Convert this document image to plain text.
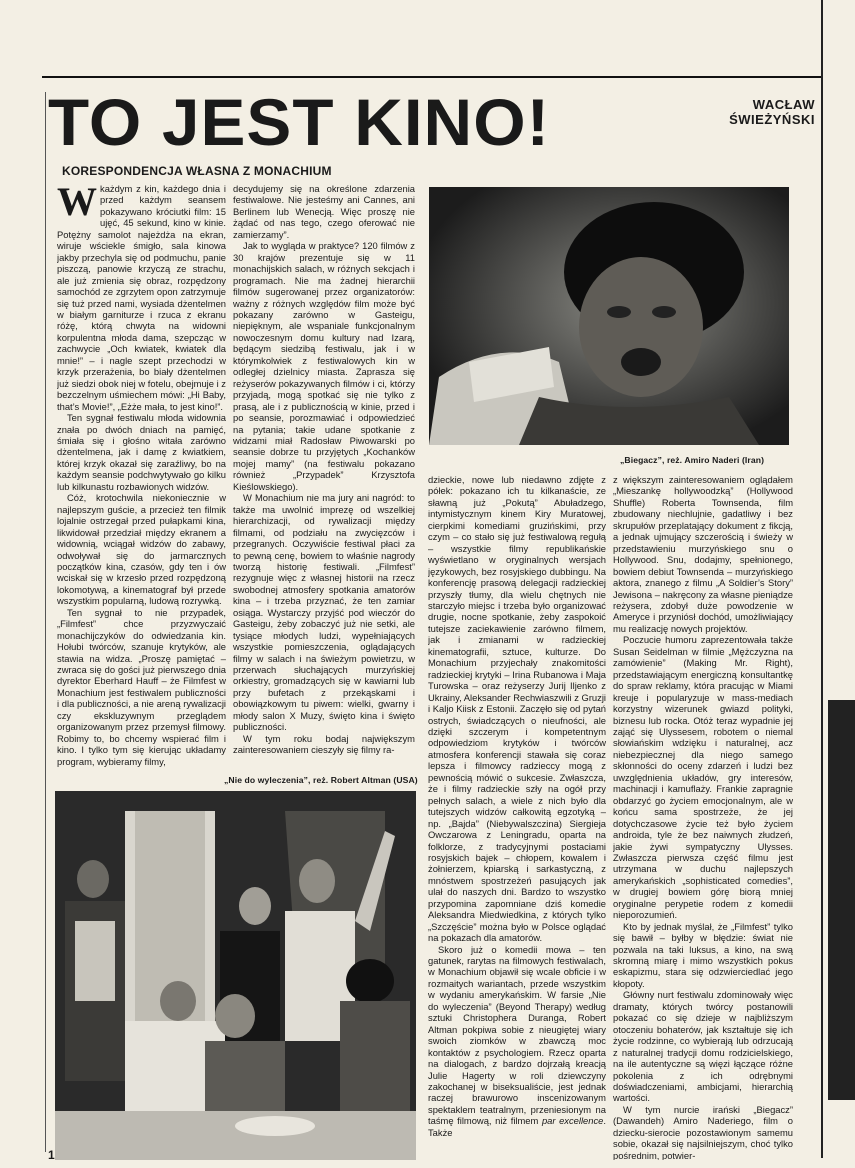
WACŁAW
ŚWIEŻYŃSKI
TO JEST KINO!
KORESPONDENCJA WŁASNA Z MONACHIUM

Wkażdym z kin, każdego dnia i przed każdym seansem pokazywano króciutki film: 15 ujęć, 45 sekund, kino w kinie. Potężny samolot najeżdża na ekran, wiruje wściekle śmigło, sala kinowa jakby przechyla się od podmuchu, panie piszczą, panowie krzyczą ze strachu, ale już zmienia się obraz, rozpędzony samochód ze zgrzytem opon zatrzymuje się tuż przed nami, wysiada dżentelmen w białym garniturze i rzuca z ekranu różę, którą chwyta na widowni korpulentna młoda dama, szepcząc w zachwycie „Och kwiatek, kwiatek dla mnie!” – i nagle szept przechodzi w krzyk przerażenia, bo biały dżentelmen już siedzi obok niej w fotelu, obejmuje i z bezczelnym uśmiechem mówi: „Hi Baby, that’s Movie!”, „Eżże mała, to jest kino!”.

Ten sygnał festiwalu młoda widownia znała po dwóch dniach na pamięć, śmiała się i głośno witała zarówno dżentelmena, jak i damę z kwiatkiem, której krzyk okazał się zaraźliwy, bo na każdym seansie podchwytywało go kilku lub kilkunastu rozbawionych widzów.

Cóż, krotochwila niekoniecznie w najlepszym guście, a przecież ten filmik lojalnie ostrzegał przed pułapkami kina, likwidował przedział między ekranem a widownią, wciągał widzów do zabawy, odwoływał się do jarmarcznych początków kina, czasów, gdy ten i ów wciskał się w krzesło przed rozpędzoną lokomotywą, a kinematograf był przede wszystkim popularną, ludową rozrywką.

Ten sygnał to nie przypadek, „Filmfest” chce przyzwyczaić monachijczyków do odwiedzania kin. Hołubi twórców, szanuje krytyków, ale stawia na widza. „Proszę pamiętać – zwraca się do gości już pierwszego dnia dyrektor Eberhard Hauff – że Filmfest w Monachium jest festiwalem publiczności i dla publiczności, a nie areną rywalizacji czy ekskluzywnym przeglądem organizowanym przez przemysł filmowy. Robimy to, bo chcemy wspierać film i kino. I tylko tym się kierując układamy program, wybieramy filmy,

decydujemy się na określone zdarzenia festiwalowe. Nie jesteśmy ani Cannes, ani Berlinem lub Wenecją. Więc proszę nie żądać od nas tego, czego oferować nie zamierzamy”.

Jak to wygląda w praktyce? 120 filmów z 30 krajów prezentuje się w 11 monachijskich salach, w różnych sekcjach i programach. Nie ma żadnej hierarchii filmów sugerowanej przez organizatorów: ważny z różnych względów film może być pokazany zarówno w Gasteigu, niepięknym, ale wspaniale funkcjonalnym nowoczesnym domu kultury nad Izarą, będącym siedzibą festiwalu, jak i w którymkolwiek z festiwalowych kin w odległej dzielnicy miasta. Zaprasza się reżyserów pokazywanych filmów i ci, którzy przyjadą, mogą spotkać się nie tylko z prasą, ale i z publicznością w kinie, przed i po seansie, porozmawiać i odpowiedzieć na pytania; takie udane spotkanie z widzami miał Radosław Piwowarski po seansie dobrze tu przyjętych „Kochanków mojej mamy” (na festiwalu pokazano również „Przypadek” Krzysztofa Kieślowskiego).

W Monachium nie ma jury ani nagród: to także ma uwolnić imprezę od wszelkiej hierarchizacji, od rywalizacji między filmami, od podziału na zwycięzców i przegranych. Oczywiście festiwal płaci za to pewną cenę, bowiem to właśnie nagrody tworzą historię festiwali. „Filmfest” rezygnuje więc z własnej historii na rzecz swobodnej atmosfery spotkania amatorów kina – i trzeba przyznać, że ten zamiar osiąga. Wystarczy przyjść pod wieczór do Gasteigu, żeby zobaczyć już nie setki, ale tysiące młodych ludzi, wypełniających wszystkie pomieszczenia, oglądających filmy w salach i na świeżym powietrzu, w przerwach słuchających murzyńskiej orkiestry, gromadzących się w kawiarni lub przy bufetach z przekąskami i obowiązkowym tu piwem: wielki, gwarny i młody salon X Muzy, święto kina i święto publiczności.

W tym roku bodaj największym zainteresowaniem cieszyły się filmy ra-

„Biegacz”, reż. Amiro Naderi (Iran)

dzieckie, nowe lub niedawno zdjęte z półek: pokazano ich tu kilkanaście, ze sławną już „Pokutą” Abuładzego, intymistycznym kinem Kiry Muratowej, cierpkimi komediami gruzińskimi, przy czym – co stało się już festiwalową regułą – wszystkie filmy republikańskie wyświetlano w oryginalnych wersjach językowych, bez rosyjskiego dubbingu. Na konferencję prasową delegacji radzieckiej przyszły tłumy, dla wielu chętnych nie starczyło miejsc i trzeba było organizować drugie, nocne spotkanie, żeby zaspokoić tutejsze zaciekawienie zarówno filmem, jak i zmianami w radzieckiej kinematografii, sztuce, kulturze. Do Monachium przyjechały znakomitości radzieckiej krytyki – Irina Rubanowa i Maja Turowska – oraz reżyserzy Jurij Iljenko z Ukrainy, Aleksander Rechwiaszwili z Gruzji i Kaljo Kiisk z Estonii. Zaczęło się od pytań ostrych, świadczących o nieufności, ale dzięki szczerym i kompetentnym odpowiedziom krytyków i twórców atmosfera konferencji stawała się coraz lepsza i filmowcy radzieccy mogą z pewnością mówić o sukcesie. Zwłaszcza, że i filmy radzieckie szły na ogół przy pełnych salach, a wiele z nich było dla tutejszych widzów całkowitą egzotyką – np. „Bajda” (Niebywalszczina) Siergieja Owczarowa z Leningradu, oparta na folklorze, z tradycyjnymi postaciami rosyjskich bajek – chłopem, kowalem i żołnierzem, kpiarską i sarkastyczną, z mnóstwem spostrzeżeń pasujących jak ulał do naszych dni. Bardzo to wszystko przypomina zapomniane dziś komedie Aleksandra Miedwiedkina, z których tylko „Szczęście” można było w Polsce oglądać na pokazach dla amatorów.

Skoro już o komedii mowa – ten gatunek, rarytas na filmowych festiwalach, w Monachium objawił się wcale obficie i w rozmaitych wariantach, przede wszystkim w wydaniu amerykańskim. W farsie „Nie do wyleczenia” (Beyond Therapy) według sztuki Christophera Duranga, Robert Altman pokpiwa sobie z nieugiętej wiary swoich ziomków w zbawczą moc kontaktów z psychologiem. Rzecz oparta na dialogach, z bardzo dojrzałą kreacją Julie Hagerty w roli dziewczyny zakochanej w biseksualiście, jest jednak raczej brawurowo inscenizowanym spektaklem teatralnym, przeniesionym na taśmę filmową, niż filmem par excellence. Także

z większym zainteresowaniem oglądałem „Mieszankę hollywoodzką” (Hollywood Shuffle) Roberta Townsenda, film zbudowany niechlujnie, gadatliwy i bez skrupułów przeplatający dokument z fikcją, a jednak ujmujący szczerością i świeży w przedstawieniu murzyńskiego snu o Hollywood. Snu, dodajmy, spełnionego, bowiem debiut Townsenda – murzyńskiego aktora, znanego z filmu „A Soldier’s Story” Jewisona – nakręcony za własne pieniądze reżysera, zdobył duże powodzenie w Ameryce i przyniósł dochód, umożliwiający mu realizację nowych projektów.

Poczucie humoru zaprezentowała także Susan Seidelman w filmie „Mężczyzna na zamówienie” (Making Mr. Right), przedstawiającym energiczną konsultantkę do spraw reklamy, która pracując w Miami kreuje i popularyzuje w mass-mediach korzystny wizerunek gwiazd polityki, biznesu lub rocka. Otóż teraz wypadnie jej zająć się Ulyssesem, robotem o niemal słowiańskim wdzięku i naturalnej, acz niebezpiecznej dla niego samego skłonności do oceny zdarzeń i ludzi bez uwzględnienia układów, gry interesów, machinacji i kamuflaży. Frankie zapragnie obdarzyć go życiem emocjonalnym, ale w końcu sama spostrzeże, że jej dotychczasowe życie też było życiem androida, tyle że bez naiwnych złudzeń, jakie żywi sympatyczny Ulysses. Zwłaszcza pierwsza część filmu jest utrzymana w duchu najlepszych amerykańskich „sophisticated comedies”, w drugiej bowiem górę biorą mniej oryginalne perypetie rodem z komedii nieporozumień.

Kto by jednak myślał, że „Filmfest” tylko się bawił – byłby w błędzie: świat nie pozwala na taki luksus, a kino, na swą skromną miarę i mimo wszystkich pokus eskapizmu, stara się odzwierciedlać jego kłopoty.

Główny nurt festiwalu zdominowały więc dramaty, których twórcy postanowili pokazać co się dzieje w najbliższym otoczeniu bohaterów, jak kształtuje się ich życie rodzinne, co wybierają lub odrzucają z naturalnej tradycji domu rodzicielskiego, na ile autentyczne są więzi łączące różne pokolenia z ich odrębnymi doświadczeniami, ambicjami, hierarchią wartości.

W tym nurcie irański „Biegacz” (Dawandeh) Amiro Naderiego, film o dziecku-sierocie pozostawionym samemu sobie, okazał się najsilniejszym, choć tylko pośrednim, potwier-

„Nie do wyleczenia”, reż. Robert Altman (USA)
1
